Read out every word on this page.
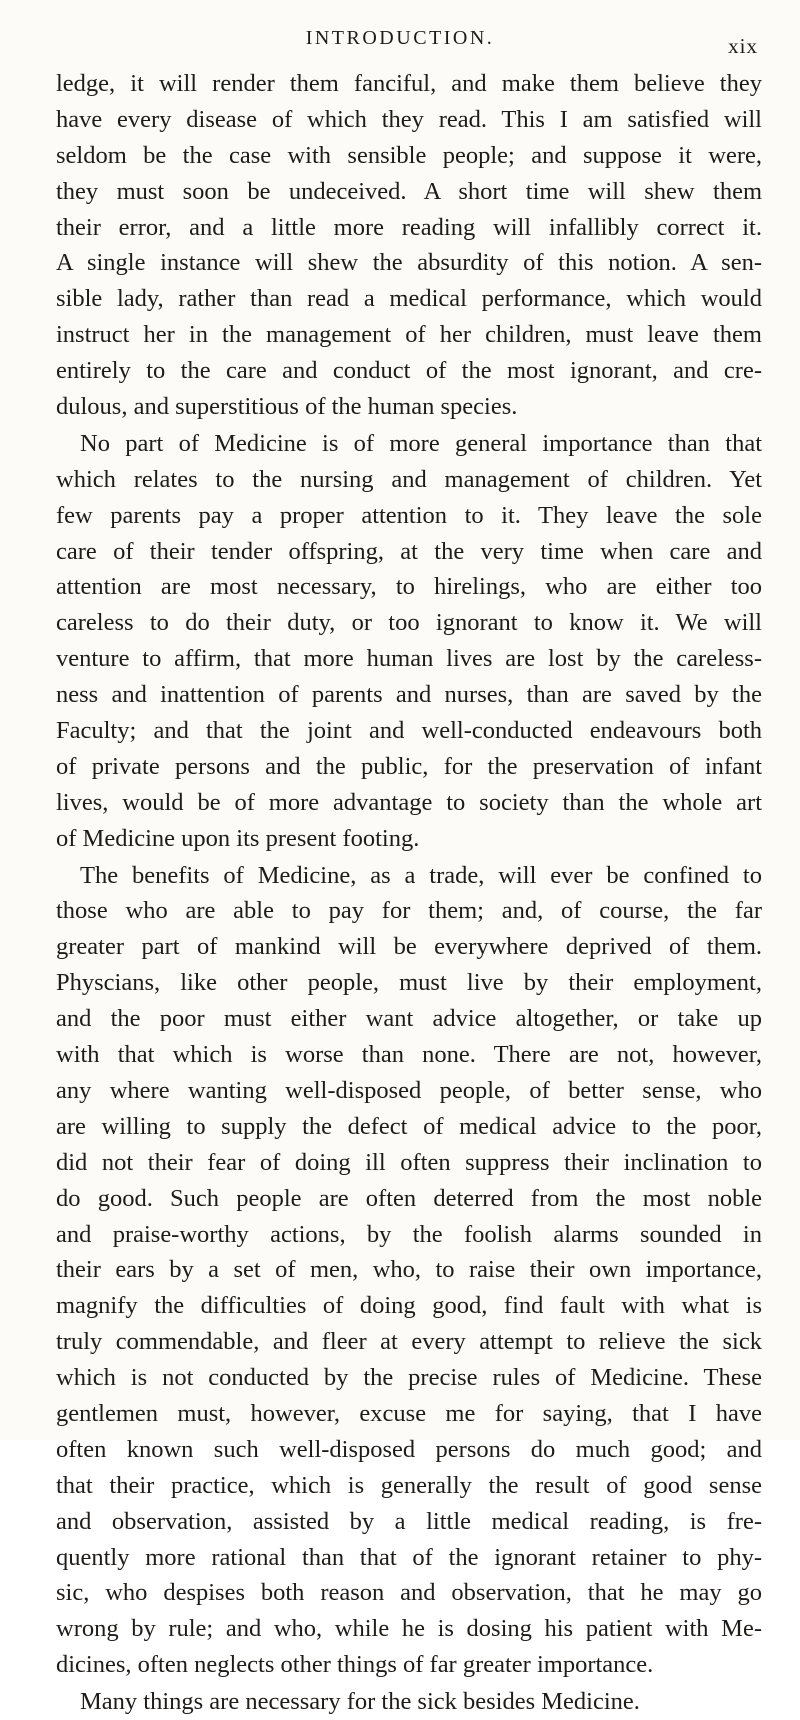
INTRODUCTION.	xix
ledge, it will render them fanciful, and make them believe they
have every disease of which they read. This I am satisfied will
seldom be the case with sensible people; and suppose it were,
they must soon be undeceived. A short time will shew them
their error, and a little more reading will infallibly correct it.
A single instance will shew the absurdity of this notion. A sen-
sible lady, rather than read a medical performance, which would
instruct her in the management of her children, must leave them
entirely to the care and conduct of the most ignorant, and cre-
dulous, and superstitious of the human species.
No part of Medicine is of more general importance than that
which relates to the nursing and management of children. Yet
few parents pay a proper attention to it. They leave the sole
care of their tender offspring, at the very time when care and
attention are most necessary, to hirelings, who are either too
careless to do their duty, or too ignorant to know it. We will
venture to affirm, that more human lives are lost by the careless-
ness and inattention of parents and nurses, than are saved by the
Faculty; and that the joint and well-conducted endeavours both
of private persons and the public, for the preservation of infant
lives, would be of more advantage to society than the whole art
of Medicine upon its present footing.
The benefits of Medicine, as a trade, will ever be confined to
those who are able to pay for them; and, of course, the far
greater part of mankind will be everywhere deprived of them.
Physcians, like other people, must live by their employment,
and the poor must either want advice altogether, or take up
with that which is worse than none. There are not, however,
any where wanting well-disposed people, of better sense, who
are willing to supply the defect of medical advice to the poor,
did not their fear of doing ill often suppress their inclination to
do good. Such people are often deterred from the most noble
and praise-worthy actions, by the foolish alarms sounded in
their ears by a set of men, who, to raise their own importance,
magnify the difficulties of doing good, find fault with what is
truly commendable, and fleer at every attempt to relieve the sick
which is not conducted by the precise rules of Medicine. These
gentlemen must, however, excuse me for saying, that I have
often known such well-disposed persons do much good; and
that their practice, which is generally the result of good sense
and observation, assisted by a little medical reading, is fre-
quently more rational than that of the ignorant retainer to phy-
sic, who despises both reason and observation, that he may go
wrong by rule; and who, while he is dosing his patient with Me-
dicines, often neglects other things of far greater importance.
Many things are necessary for the sick besides Medicine.
